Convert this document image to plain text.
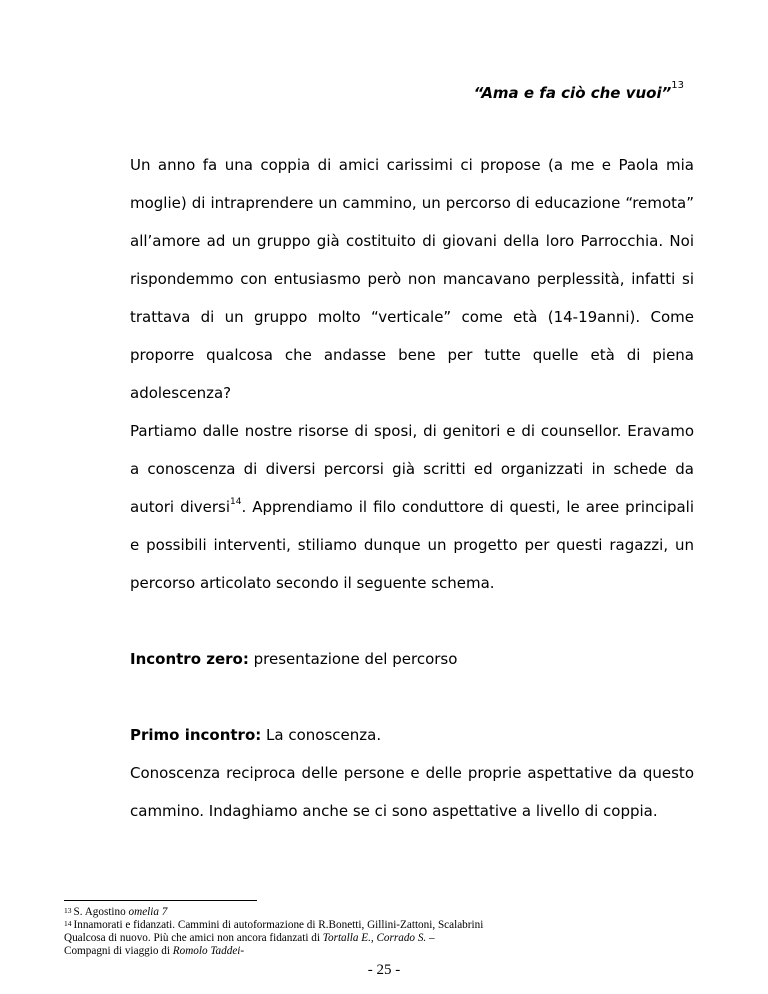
“Ama e fa ciò che vuoi”$^{13}$

Un anno fa una coppia di amici carissimi ci propose (a me e Paola mia moglie) di intraprendere un cammino, un percorso di educazione “remota” all’amore ad un gruppo già costituito di giovani della loro Parrocchia. Noi rispondemmo con entusiasmo però non mancavano perplessità, infatti si trattava di un gruppo molto “verticale” come età (14-19anni). Come proporre qualcosa che andasse bene per tutte quelle età di piena adolescenza?

Partiamo dalle nostre risorse di sposi, di genitori e di counsellor. Eravamo a conoscenza di diversi percorsi già scritti ed organizzati in schede da autori diversi$^{14}$. Apprendiamo il filo conduttore di questi, le aree principali e possibili interventi, stiliamo dunque un progetto per questi ragazzi, un percorso articolato secondo il seguente schema.

Incontro zero: presentazione del percorso

Primo incontro: La conoscenza.

Conoscenza reciproca delle persone e delle proprie aspettative da questo cammino. Indaghiamo anche se ci sono aspettative a livello di coppia.

$^{13}$ S. Agostino omelia 7

$^{14}$ Innamorati e fidanzati. Cammini di autoformazione di R.Bonetti, Gillini-Zattoni, Scalabrini

Qualcosa di nuovo. Più che amici non ancora fidanzati di Tortalla E., Corrado S. –

Compagni di viaggio di Romolo Taddei-

- 25 -
